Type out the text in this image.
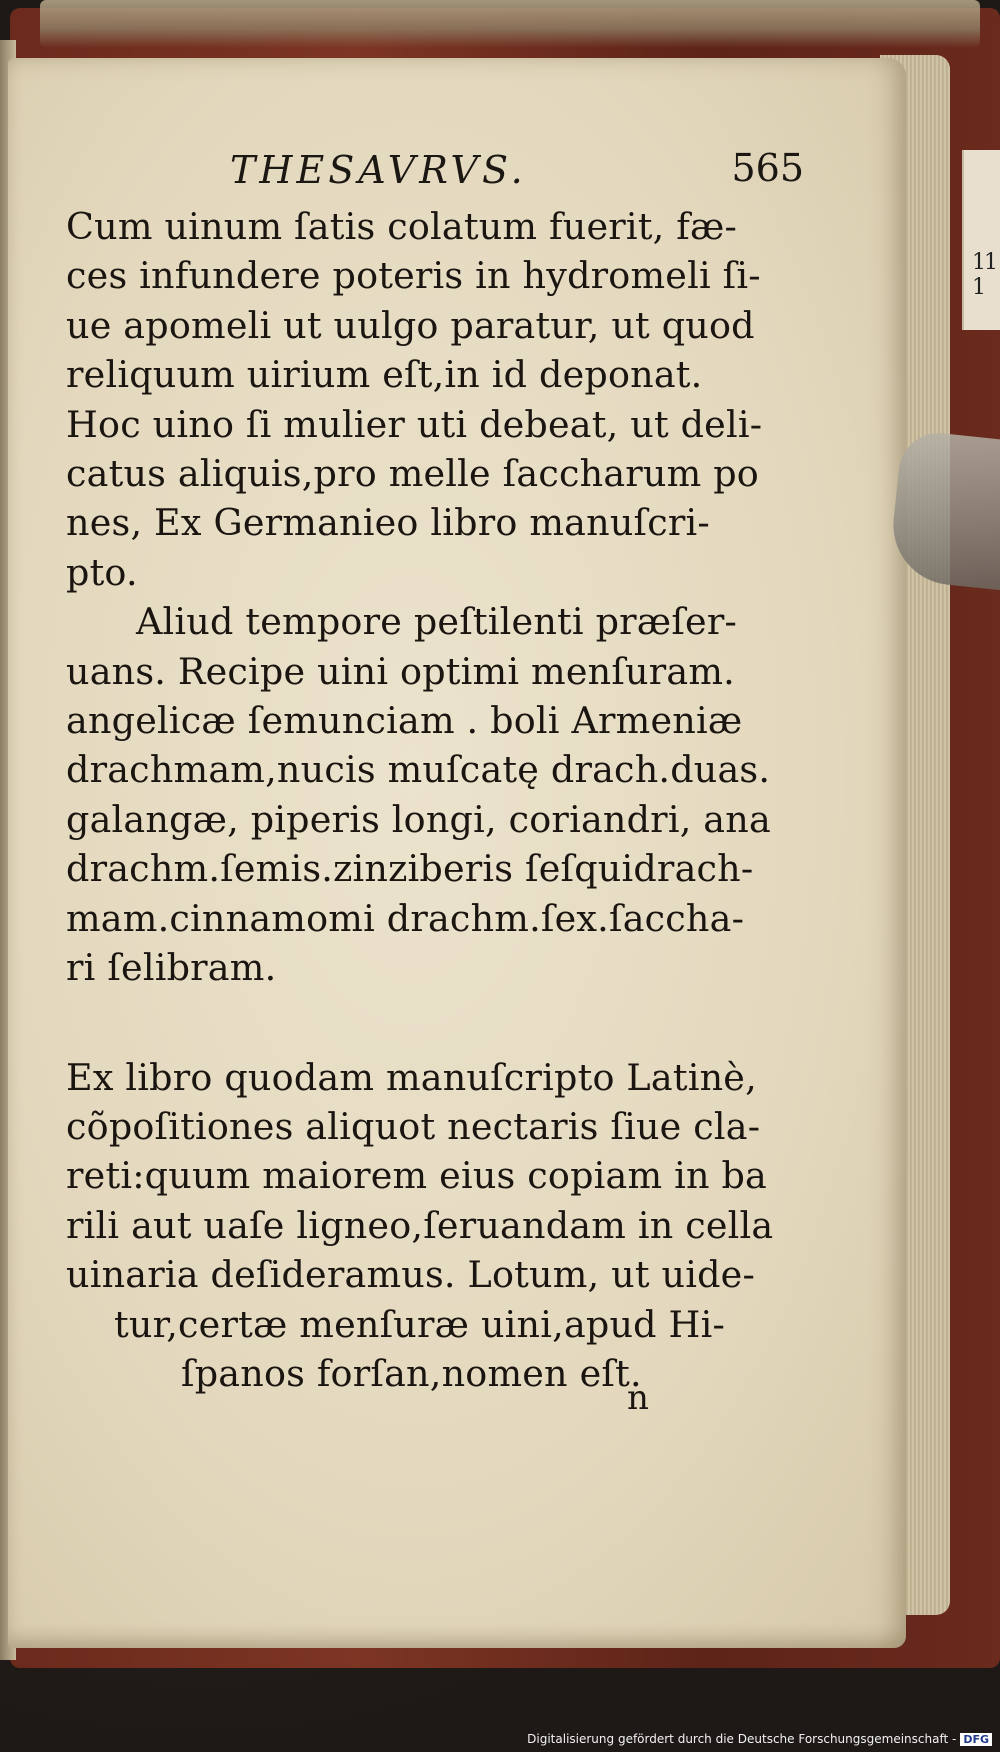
11
1
THESAVRVS.	565
Cum uinum ſatis colatum fuerit, fæ-
ces infundere poteris in hydromeli ſi-
ue apomeli ut uulgo paratur, ut quod
reliquum uirium eſt,in id deponat.
Hoc uino ſi mulier uti debeat, ut deli-
catus aliquis,pro melle ſaccharum po
nes, Ex Germanieo libro manuſcri-
pto.
Aliud tempore peſtilenti præſer-
uans. Recipe uini optimi menſuram.
angelicæ ſemunciam . boli Armeniæ
drachmam,nucis muſcatę drach.duas.
galangæ, piperis longi, coriandri, ana
drachm.ſemis.zinziberis ſeſquidrach-
mam.cinnamomi drachm.ſex.ſaccha-
ri ſelibram.
Ex libro quodam manuſcripto Latinè,
cõpoſitiones aliquot nectaris ſiue cla-
reti:quum maiorem eius copiam in ba
rili aut uaſe ligneo,ſeruandam in cella
uinaria deſideramus. Lotum, ut uide-
tur,certæ menſuræ uini,apud Hi-
ſpanos forſan,nomen eſt.
n
Digitalisierung gefördert durch die Deutsche Forschungsgemeinschaft - DFG
